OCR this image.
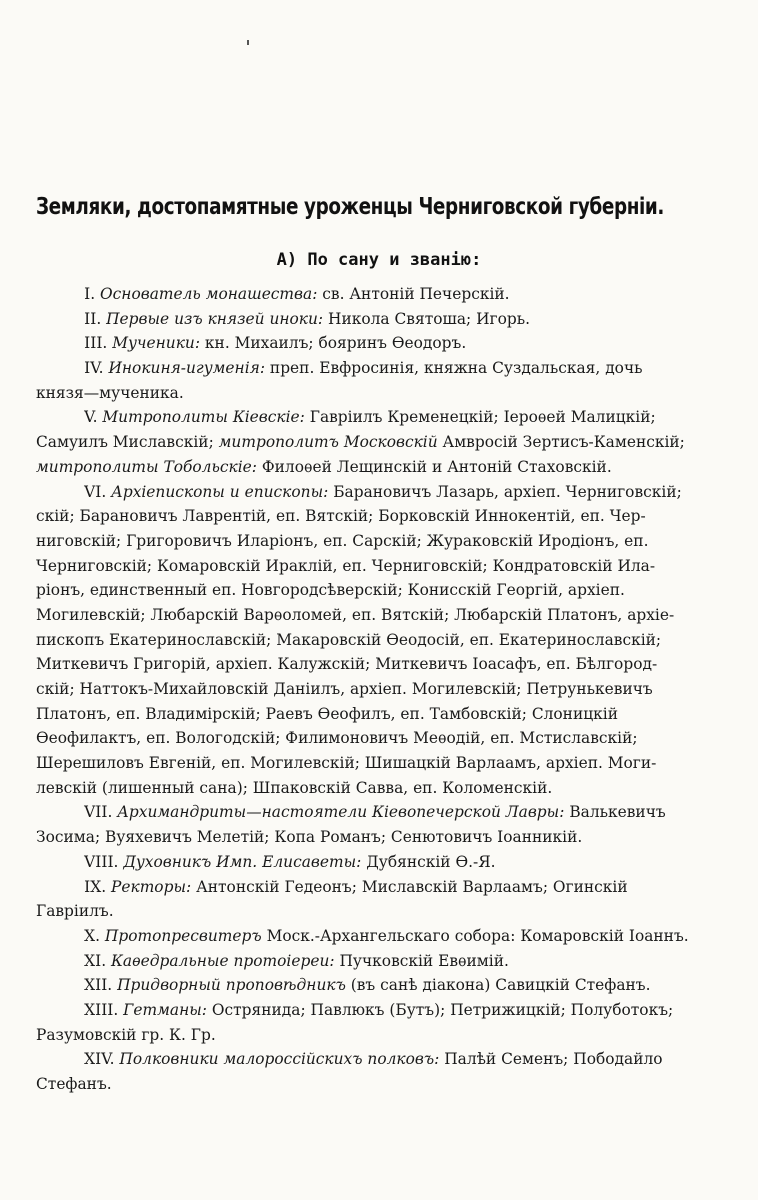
Земляки, достопамятные уроженцы Черниговской губерніи.
А) По сану и званію:
I. Основатель монашества: св. Антоній Печерскій.
II. Первые изъ князей иноки: Никола Святоша; Игорь.
III. Мученики: кн. Михаилъ; бояринъ Ѳеодоръ.
IV. Инокиня-игуменія: преп. Евфросинія, княжна Суздальская, дочь
князя—мученика.
V. Митрополиты Кіевскіе: Гавріилъ Кременецкій; Іероѳей Малицкій;
Самуилъ Миславскій; митрополитъ Московскій Амвросій Зертисъ-Каменскій;
митрополиты Тобольскіе: Филоѳей Лещинскій и Антоній Стаховскій.
VI. Архіепископы и епископы: Барановичъ Лазарь, архіеп. Черниговскій;
скій; Барановичъ Лаврентій, еп. Вятскій; Борковскій Иннокентій, еп. Чер-
ниговскій; Григоровичъ Иларіонъ, еп. Сарскій; Жураковскій Иродіонъ, еп.
Черниговскій; Комаровскій Ираклій, еп. Черниговскій; Кондратовскій Ила-
ріонъ, единственный еп. Новгородсѣверскій; Конисскій Георгій, архіеп.
Могилевскій; Любарскій Варѳоломей, еп. Вятскій; Любарскій Платонъ, архіе-
пископъ Екатеринославскій; Макаровскій Ѳеодосій, еп. Екатеринославскій;
Миткевичъ Григорій, архіеп. Калужскій; Миткевичъ Іоасафъ, еп. Бѣлгород-
скій; Наттокъ-Михайловскій Даніилъ, архіеп. Могилевскій; Петрунькевичъ
Платонъ, еп. Владимірскій; Раевъ Ѳеофилъ, еп. Тамбовскій; Слоницкій
Ѳеофилактъ, еп. Вологодскій; Филимоновичъ Меѳодій, еп. Мстиславскій;
Шерешиловъ Евгеній, еп. Могилевскій; Шишацкій Варлаамъ, архіеп. Моги-
левскій (лишенный сана); Шпаковскій Савва, еп. Коломенскій.
VII. Архимандриты—настоятели Кіевопечерской Лавры: Валькевичъ
Зосима; Вуяхевичъ Мелетій; Копа Романъ; Сенютовичъ Іоанникій.
VIII. Духовникъ Имп. Елисаветы: Дубянскій Ѳ.-Я.
IX. Ректоры: Антонскій Гедеонъ; Миславскій Варлаамъ; Огинскій
Гавріилъ.
X. Протопресвитеръ Моск.-Архангельскаго собора: Комаровскій Іоаннъ.
XI. Каѳедральные протоіереи: Пучковскій Евѳимій.
XII. Придворный проповѣдникъ (въ санѣ діакона) Савицкій Стефанъ.
XIII. Гетманы: Острянида; Павлюкъ (Бутъ); Петрижицкій; Полуботокъ;
Разумовскій гр. К. Гр.
XIV. Полковники малороссійскихъ полковъ: Палѣй Семенъ; Пободайло
Стефанъ.
